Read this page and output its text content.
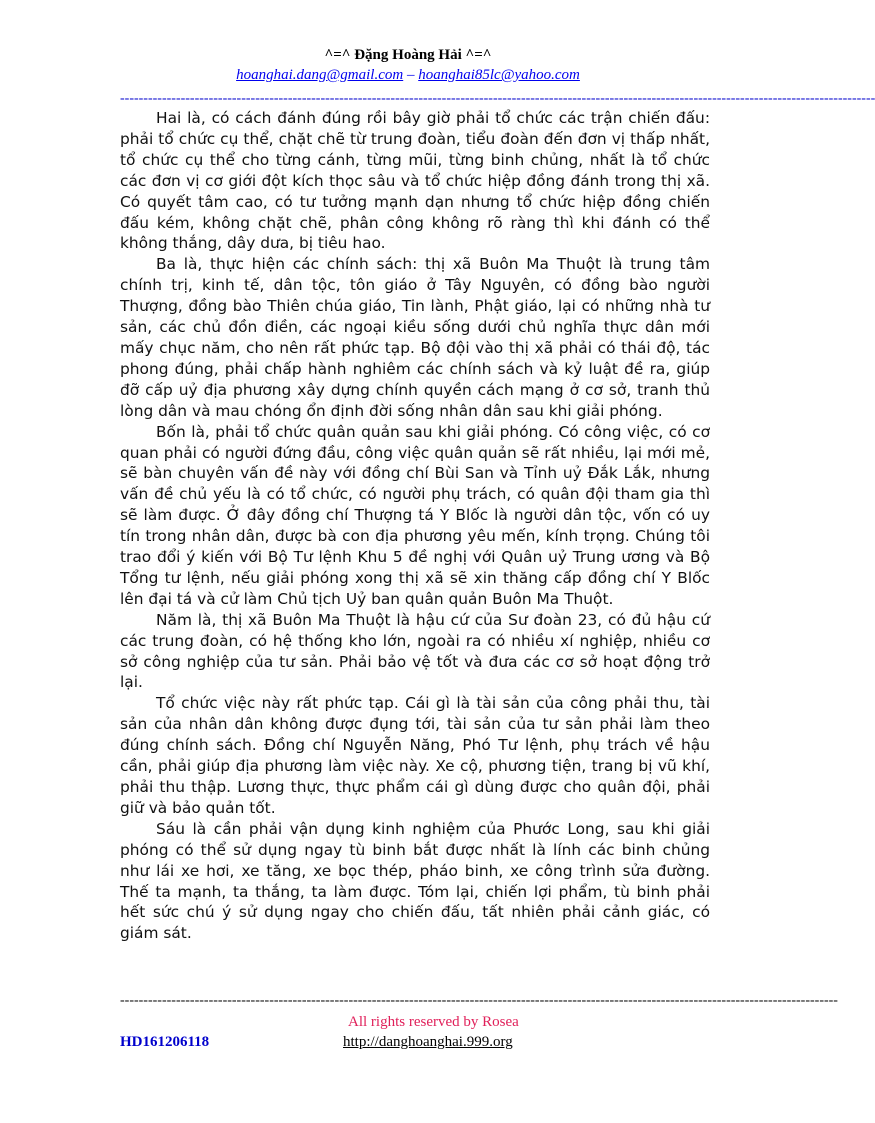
^=^ Đặng Hoàng Hải ^=^
hoanghai.dang@gmail.com – hoanghai85lc@yahoo.com
------------------------------------------------------------------------------------------------------------------------------------------------------------------

Hai là, có cách đánh đúng rồi bây giờ phải tổ chức các trận chiến đấu: phải tổ chức cụ thể, chặt chẽ từ trung đoàn, tiểu đoàn đến đơn vị thấp nhất, tổ chức cụ thể cho từng cánh, từng mũi, từng binh chủng, nhất là tổ chức các đơn vị cơ giới đột kích thọc sâu và tổ chức hiệp đồng đánh trong thị xã. Có quyết tâm cao, có tư tưởng mạnh dạn nhưng tổ chức hiệp đồng chiến đấu kém, không chặt chẽ, phân công không rõ ràng thì khi đánh có thể không thắng, dây dưa, bị tiêu hao.

Ba là, thực hiện các chính sách: thị xã Buôn Ma Thuột là trung tâm chính trị, kinh tế, dân tộc, tôn giáo ở Tây Nguyên, có đồng bào người Thượng, đồng bào Thiên chúa giáo, Tin lành, Phật giáo, lại có những nhà tư sản, các chủ đồn điền, các ngoại kiều sống dưới chủ nghĩa thực dân mới mấy chục năm, cho nên rất phức tạp. Bộ đội vào thị xã phải có thái độ, tác phong đúng, phải chấp hành nghiêm các chính sách và kỷ luật đề ra, giúp đỡ cấp uỷ địa phương xây dựng chính quyền cách mạng ở cơ sở, tranh thủ lòng dân và mau chóng ổn định đời sống nhân dân sau khi giải phóng.

Bốn là, phải tổ chức quân quản sau khi giải phóng. Có công việc, có cơ quan phải có người đứng đầu, công việc quân quản sẽ rất nhiều, lại mới mẻ, sẽ bàn chuyên vấn đề này với đồng chí Bùi San và Tỉnh uỷ Đắk Lắk, nhưng vấn đề chủ yếu là có tổ chức, có người phụ trách, có quân đội tham gia thì sẽ làm được. Ở đây đồng chí Thượng tá Y Blốc là người dân tộc, vốn có uy tín trong nhân dân, được bà con địa phương yêu mến, kính trọng. Chúng tôi trao đổi ý kiến với Bộ Tư lệnh Khu 5 đề nghị với Quân uỷ Trung ương và Bộ Tổng tư lệnh, nếu giải phóng xong thị xã sẽ xin thăng cấp đồng chí Y Blốc lên đại tá và cử làm Chủ tịch Uỷ ban quân quản Buôn Ma Thuột.

Năm là, thị xã Buôn Ma Thuột là hậu cứ của Sư đoàn 23, có đủ hậu cứ các trung đoàn, có hệ thống kho lớn, ngoài ra có nhiều xí nghiệp, nhiều cơ sở công nghiệp của tư sản. Phải bảo vệ tốt và đưa các cơ sở hoạt động trở lại.

Tổ chức việc này rất phức tạp. Cái gì là tài sản của công phải thu, tài sản của nhân dân không được đụng tới, tài sản của tư sản phải làm theo đúng chính sách. Đồng chí Nguyễn Năng, Phó Tư lệnh, phụ trách về hậu cần, phải giúp địa phương làm việc này. Xe cộ, phương tiện, trang bị vũ khí, phải thu thập. Lương thực, thực phẩm cái gì dùng được cho quân đội, phải giữ và bảo quản tốt.

Sáu là cần phải vận dụng kinh nghiệm của Phước Long, sau khi giải phóng có thể sử dụng ngay tù binh bắt được nhất là lính các binh chủng như lái xe hơi, xe tăng, xe bọc thép, pháo binh, xe công trình sửa đường. Thế ta mạnh, ta thắng, ta làm được. Tóm lại, chiến lợi phẩm, tù binh phải hết sức chú ý sử dụng ngay cho chiến đấu, tất nhiên phải cảnh giác, có giám sát.

----------------------------------------------------------------------------------------------------------------------------------------------------------
All rights reserved by Rosea
HD161206118	http://danghoanghai.999.org
